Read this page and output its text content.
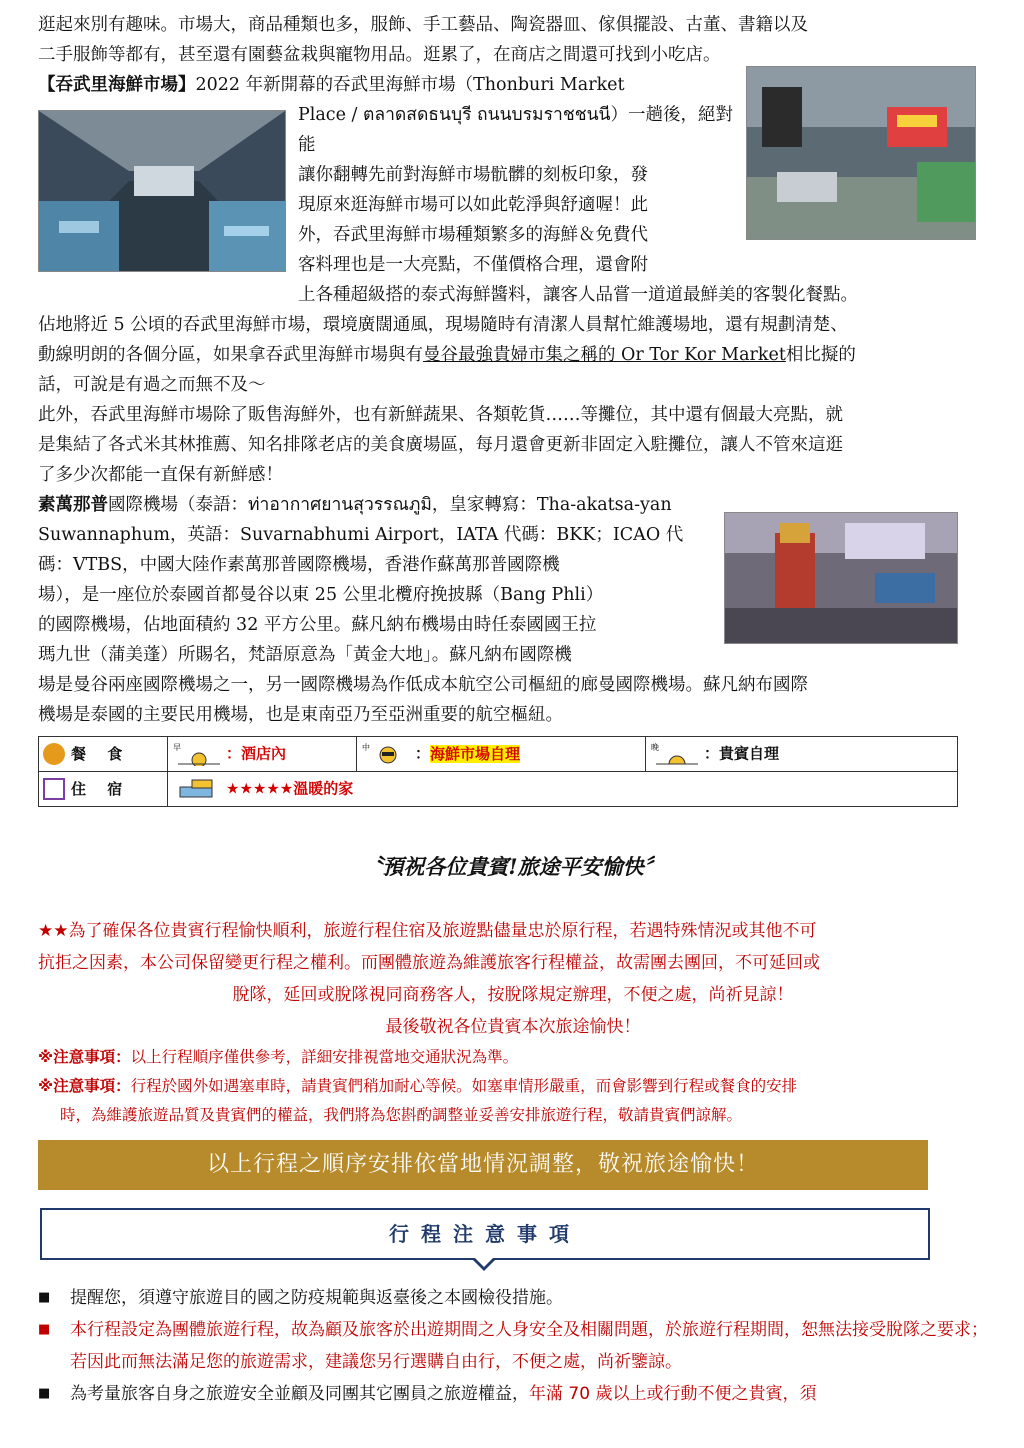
逛起來別有趣味。市場大，商品種類也多，服飾、手工藝品、陶瓷器皿、傢俱擺設、古董、書籍以及

二手服飾等都有，甚至還有園藝盆栽與寵物用品。逛累了，在商店之間還可找到小吃店。

【吞武里海鮮市場】2022 年新開幕的吞武里海鮮市場（Thonburi Market

Place / ตลาดสดธนบุรี ถนนบรมราชชนนี）一趟後，絕對能

讓你翻轉先前對海鮮市場骯髒的刻板印象，發

現原來逛海鮮市場可以如此乾淨與舒適喔！此

外，吞武里海鮮市場種類繁多的海鮮＆免費代

客料理也是一大亮點，不僅價格合理，還會附

上各種超級搭的泰式海鮮醬料，讓客人品嘗一道道最鮮美的客製化餐點。

佔地將近 5 公頃的吞武里海鮮市場，環境廣闊通風，現場隨時有清潔人員幫忙維護場地，還有規劃清楚、

動線明朗的各個分區，如果拿吞武里海鮮市場與有曼谷最強貴婦市集之稱的 Or Tor Kor Market相比擬的

話，可說是有過之而無不及～

此外，吞武里海鮮市場除了販售海鮮外，也有新鮮蔬果、各類乾貨……等攤位，其中還有個最大亮點，就

是集結了各式米其林推薦、知名排隊老店的美食廣場區，每月還會更新非固定入駐攤位，讓人不管來這逛

了多少次都能一直保有新鮮感！

素萬那普國際機場（泰語：ท่าอากาศยานสุวรรณภูมิ，皇家轉寫：Tha-akatsa-yan

Suwannaphum，英語：Suvarnabhumi Airport，IATA 代碼：BKK；ICAO 代

碼：VTBS，中國大陸作素萬那普國際機場，香港作蘇萬那普國際機

場），是一座位於泰國首都曼谷以東 25 公里北欖府挽披縣（Bang Phli）

的國際機場，佔地面積約 32 平方公里。蘇凡納布機場由時任泰國國王拉

瑪九世（蒲美蓬）所賜名，梵語原意為「黃金大地」。蘇凡納布國際機

場是曼谷兩座國際機場之一，另一國際機場為作低成本航空公司樞紐的廊曼國際機場。蘇凡納布國際

機場是泰國的主要民用機場，也是東南亞乃至亞洲重要的航空樞紐。

餐 食	早 ：酒店內	中 ：海鮮市場自理	晚 ：貴賓自理
住 宿	★★★★★溫暖的家		
〝預祝各位貴賓!旅途平安愉快〞
★★為了確保各位貴賓行程愉快順利，旅遊行程住宿及旅遊點儘量忠於原行程，若遇特殊情況或其他不可
抗拒之因素，本公司保留變更行程之權利。而團體旅遊為維護旅客行程權益，故需團去團回，不可延回或
脫隊，延回或脫隊視同商務客人，按脫隊規定辦理，不便之處，尚祈見諒！
最後敬祝各位貴賓本次旅途愉快！
※注意事項：以上行程順序僅供參考，詳細安排視當地交通狀況為準。
※注意事項：行程於國外如遇塞車時，請貴賓們稍加耐心等候。如塞車情形嚴重，而會影響到行程或餐食的安排
時，為維護旅遊品質及貴賓們的權益，我們將為您斟酌調整並妥善安排旅遊行程，敬請貴賓們諒解。
以上行程之順序安排依當地情況調整，敬祝旅途愉快！
行程注意事項
■ 提醒您，須遵守旅遊目的國之防疫規範與返臺後之本國檢役措施。
■ 本行程設定為團體旅遊行程，故為顧及旅客於出遊期間之人身安全及相關問題，於旅遊行程期間，恕無法接受脫隊之要求；若因此而無法滿足您的旅遊需求，建議您另行選購自由行，不便之處，尚祈鑒諒。
■ 為考量旅客自身之旅遊安全並顧及同團其它團員之旅遊權益，年滿 70 歲以上或行動不便之貴賓，須
